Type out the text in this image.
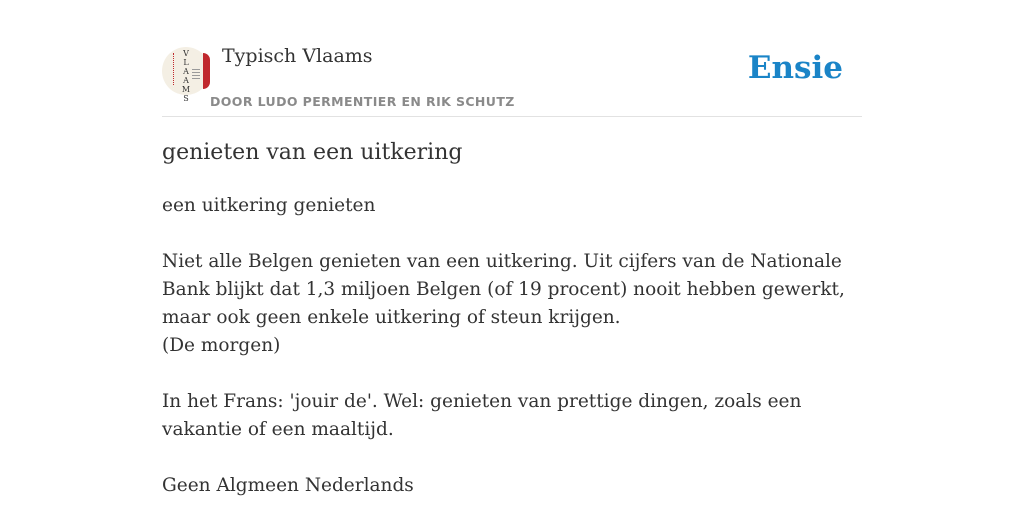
V
L
A
A
M
S
Typisch Vlaams
DOOR LUDO PERMENTIER EN RIK SCHUTZ
Ensie
genieten van een uitkering

een uitkering genieten

Niet alle Belgen genieten van een uitkering. Uit cijfers van de Nationale Bank blijkt dat 1,3 miljoen Belgen (of 19 procent) nooit hebben gewerkt, maar ook geen enkele uitkering of steun krijgen.

(De morgen)

In het Frans: 'jouir de'. Wel: genieten van prettige dingen, zoals een vakantie of een maaltijd.

Geen Algmeen Nederlands
